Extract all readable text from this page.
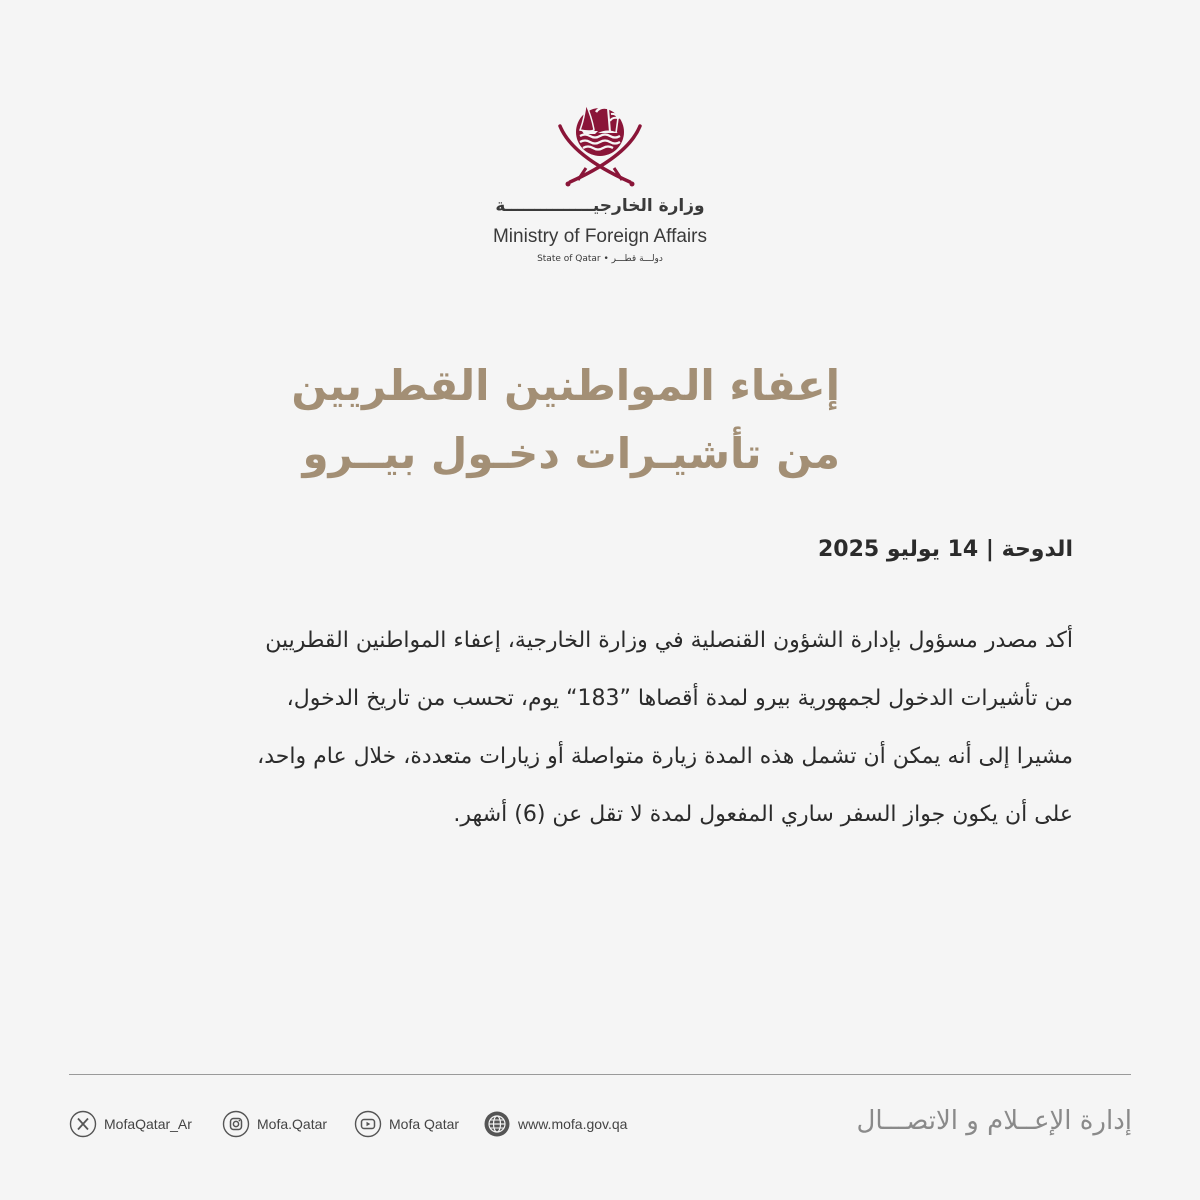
وزارة الخارجيـــــــــــــــة
Ministry of Foreign Affairs
State of Qatar • دولـــة قطـــر
إعفاء المواطنين القطريين
من تأشيـرات دخـول بيــرو
الدوحة | 14 يوليو 2025
أكد مصدر مسؤول بإدارة الشؤون القنصلية في وزارة الخارجية، إعفاء المواطنين القطريين
من تأشيرات الدخول لجمهورية بيرو لمدة أقصاها ”183“ يوم، تحسب من تاريخ الدخول،
مشيرا إلى أنه يمكن أن تشمل هذه المدة زيارة متواصلة أو زيارات متعددة، خلال عام واحد،
على أن يكون جواز السفر ساري المفعول لمدة لا تقل عن (6) أشهر.
MofaQatar_Ar	Mofa.Qatar	Mofa Qatar	www.mofa.gov.qa	إدارة الإعــلام و الاتصـــال
